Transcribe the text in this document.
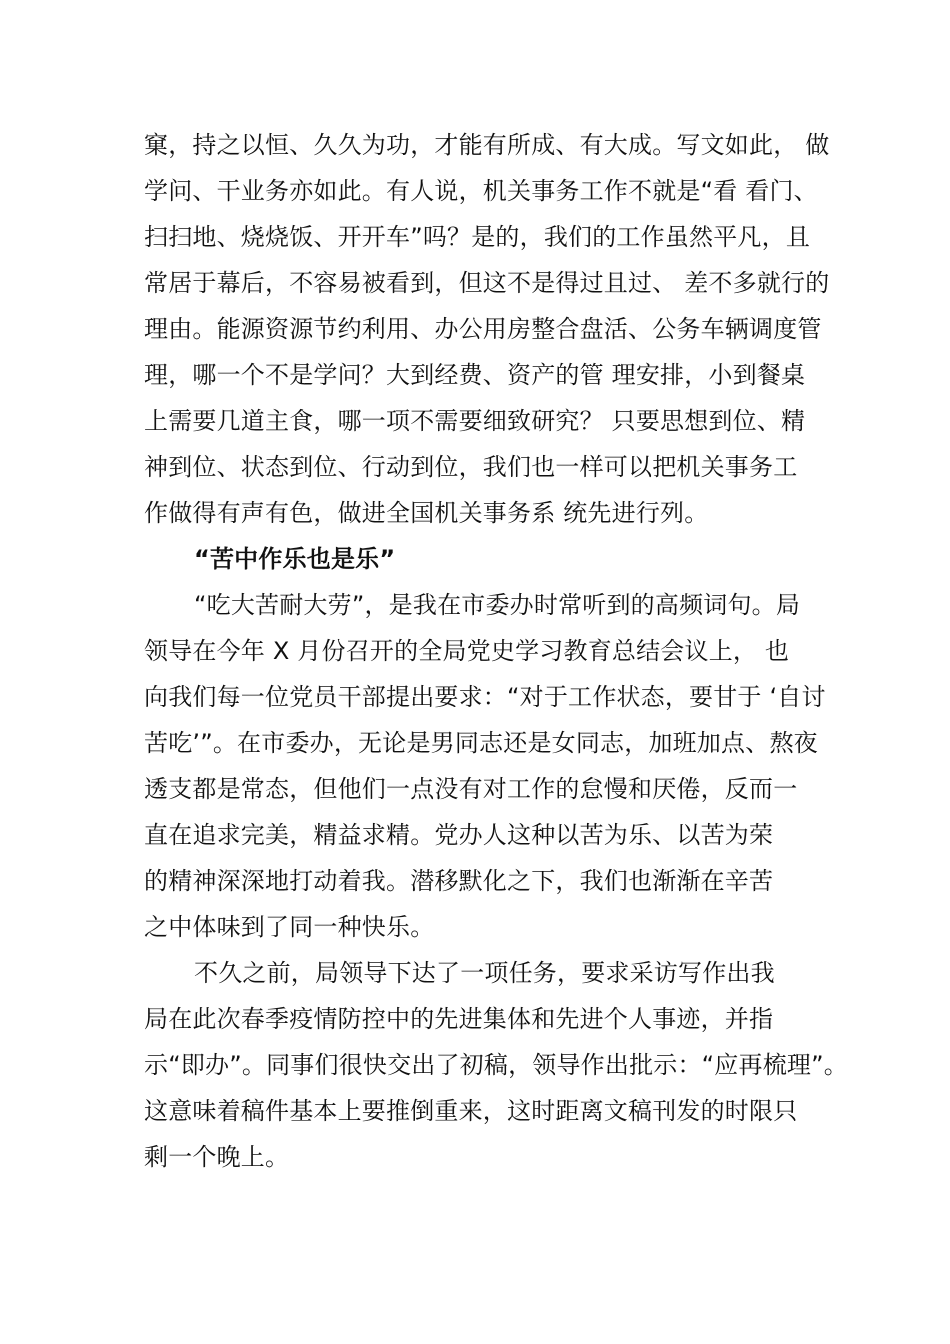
窠，持之以恒、久久为功，才能有所成、有大成。写文如此， 做
学问、干业务亦如此。有人说，机关事务工作不就是“看 看门、
扫扫地、烧烧饭、开开车”吗？是的，我们的工作虽然平凡，且
常居于幕后，不容易被看到，但这不是得过且过、 差不多就行的
理由。能源资源节约利用、办公用房整合盘活、公务车辆调度管
理，哪一个不是学问？大到经费、资产的管 理安排，小到餐桌
上需要几道主食，哪一项不需要细致研究？ 只要思想到位、精
神到位、状态到位、行动到位，我们也一样可以把机关事务工
作做得有声有色，做进全国机关事务系 统先进行列。
“苦中作乐也是乐”
“吃大苦耐大劳”，是我在市委办时常听到的高频词句。局
领导在今年 X 月份召开的全局党史学习教育总结会议上， 也
向我们每一位党员干部提出要求：“对于工作状态，要甘于 ‘自讨
苦吃’”。在市委办，无论是男同志还是女同志，加班加点、熬夜
透支都是常态，但他们一点没有对工作的怠慢和厌倦，反而一
直在追求完美，精益求精。党办人这种以苦为乐、以苦为荣
的精神深深地打动着我。潜移默化之下，我们也渐渐在辛苦
之中体味到了同一种快乐。
不久之前，局领导下达了一项任务，要求采访写作出我
局在此次春季疫情防控中的先进集体和先进个人事迹，并指
示“即办”。同事们很快交出了初稿，领导作出批示：“应再梳理”。
这意味着稿件基本上要推倒重来，这时距离文稿刊发的时限只
剩一个晚上。
